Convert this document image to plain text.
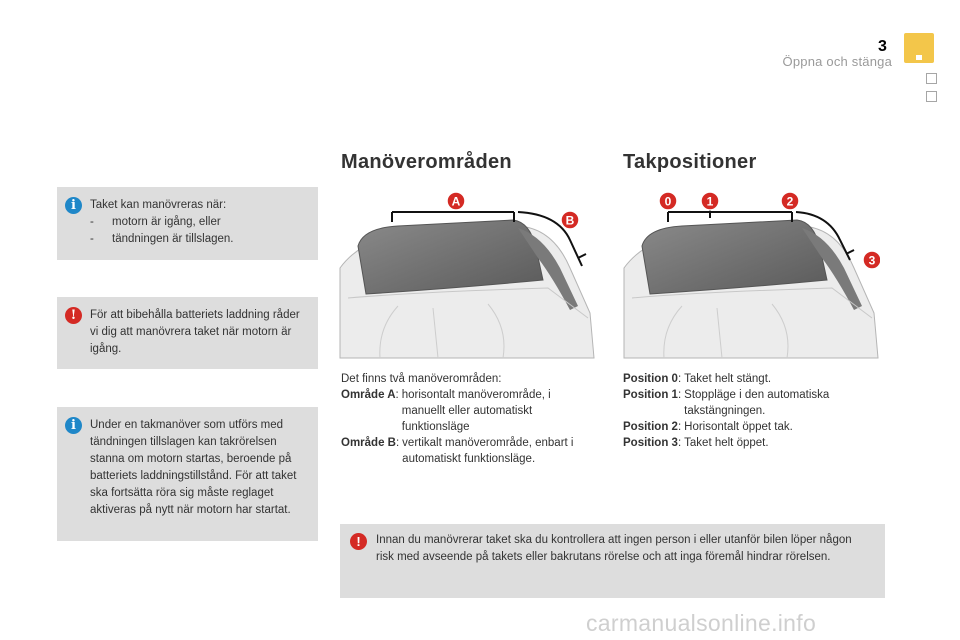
3
Öppna och stänga
i	Taket kan manövreras när:
-	motorn är igång, eller
-	tändningen är tillslagen.
!	För att bibehålla batteriets laddning råder vi dig att manövrera taket när motorn är igång.
i	Under en takmanöver som utförs med tändningen tillslagen kan takrörelsen stanna om motorn startas, beroende på batteriets laddningstillstånd. För att taket ska fortsätta röra sig måste reglaget aktiveras på nytt när motorn har startat.
Manöverområden
A
B
Det finns två manöverområden:
Område A : horisontalt manöverområde, i manuellt eller automatiskt funktionsläge
Område B : vertikalt manöverområde, enbart i automatiskt funktionsläge.
Takpositioner
0	1	2
3
Position 0 : Taket helt stängt.
Position 1 : Stoppläge i den automatiska takstängningen.
Position 2 : Horisontalt öppet tak.
Position 3 : Taket helt öppet.
!	Innan du manövrerar taket ska du kontrollera att ingen person i eller utanför bilen löper någon risk med avseende på takets eller bakrutans rörelse och att inga föremål hindrar rörelsen.
carmanualsonline.info
